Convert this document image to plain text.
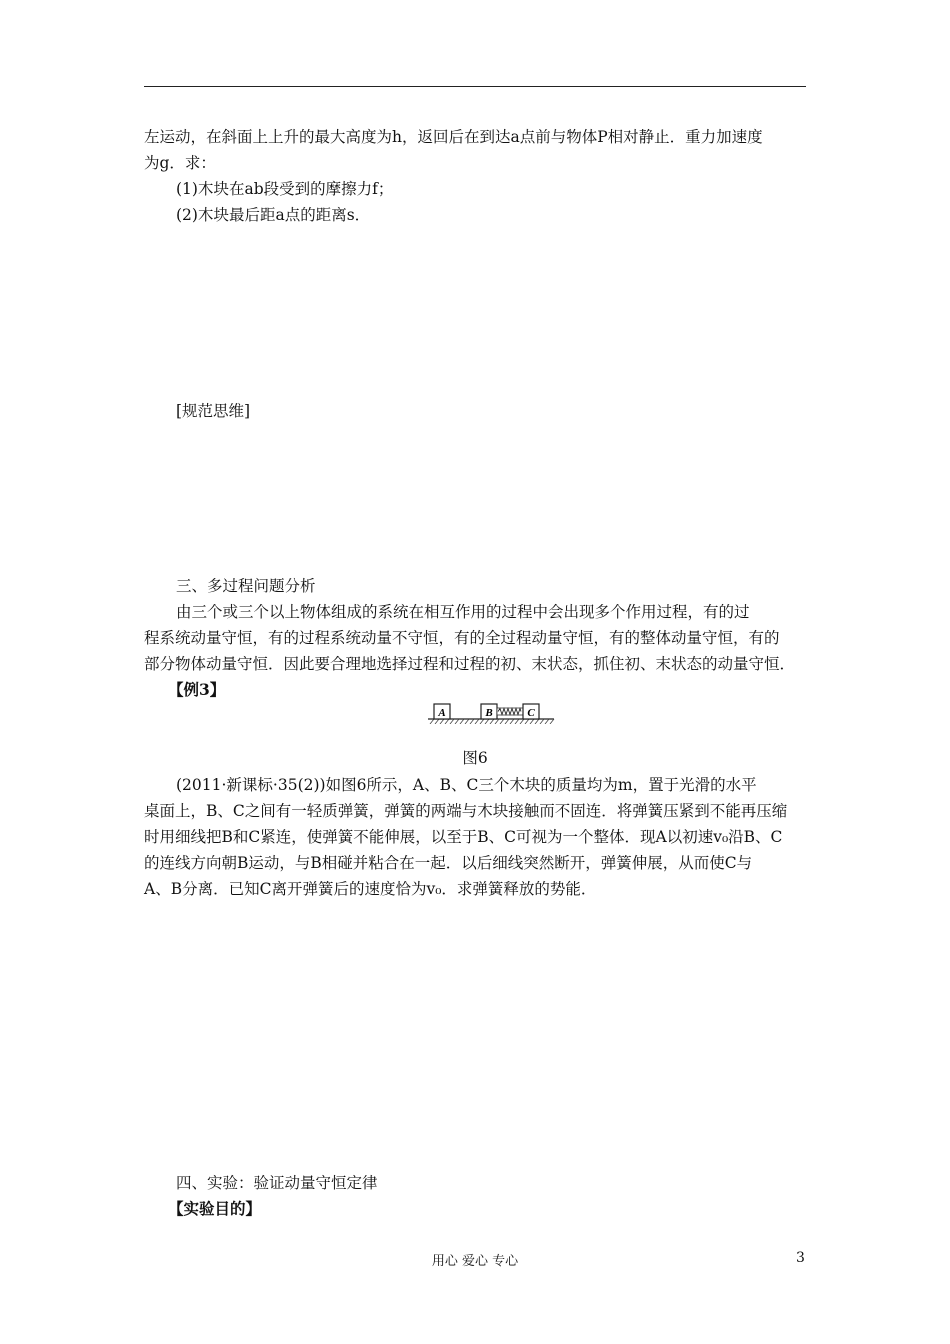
左运动，在斜面上上升的最大高度为h，返回后在到达a点前与物体P相对静止．重力加速度
为g．求：
(1)木块在ab段受到的摩擦力f；
(2)木块最后距a点的距离s．
[规范思维]
三、多过程问题分析
由三个或三个以上物体组成的系统在相互作用的过程中会出现多个作用过程，有的过
程系统动量守恒，有的过程系统动量不守恒，有的全过程动量守恒，有的整体动量守恒，有的
部分物体动量守恒．因此要合理地选择过程和过程的初、末状态，抓住初、末状态的动量守恒．
【例3】
A	B	C
图6
(2011·新课标·35(2))如图6所示，A、B、C三个木块的质量均为m，置于光滑的水平
桌面上，B、C之间有一轻质弹簧，弹簧的两端与木块接触而不固连．将弹簧压紧到不能再压缩
时用细线把B和C紧连，使弹簧不能伸展，以至于B、C可视为一个整体．现A以初速v₀沿B、C
的连线方向朝B运动，与B相碰并粘合在一起．以后细线突然断开，弹簧伸展，从而使C与
A、B分离．已知C离开弹簧后的速度恰为v₀．求弹簧释放的势能．
四、实验：验证动量守恒定律
【实验目的】
用心 爱心 专心	3
